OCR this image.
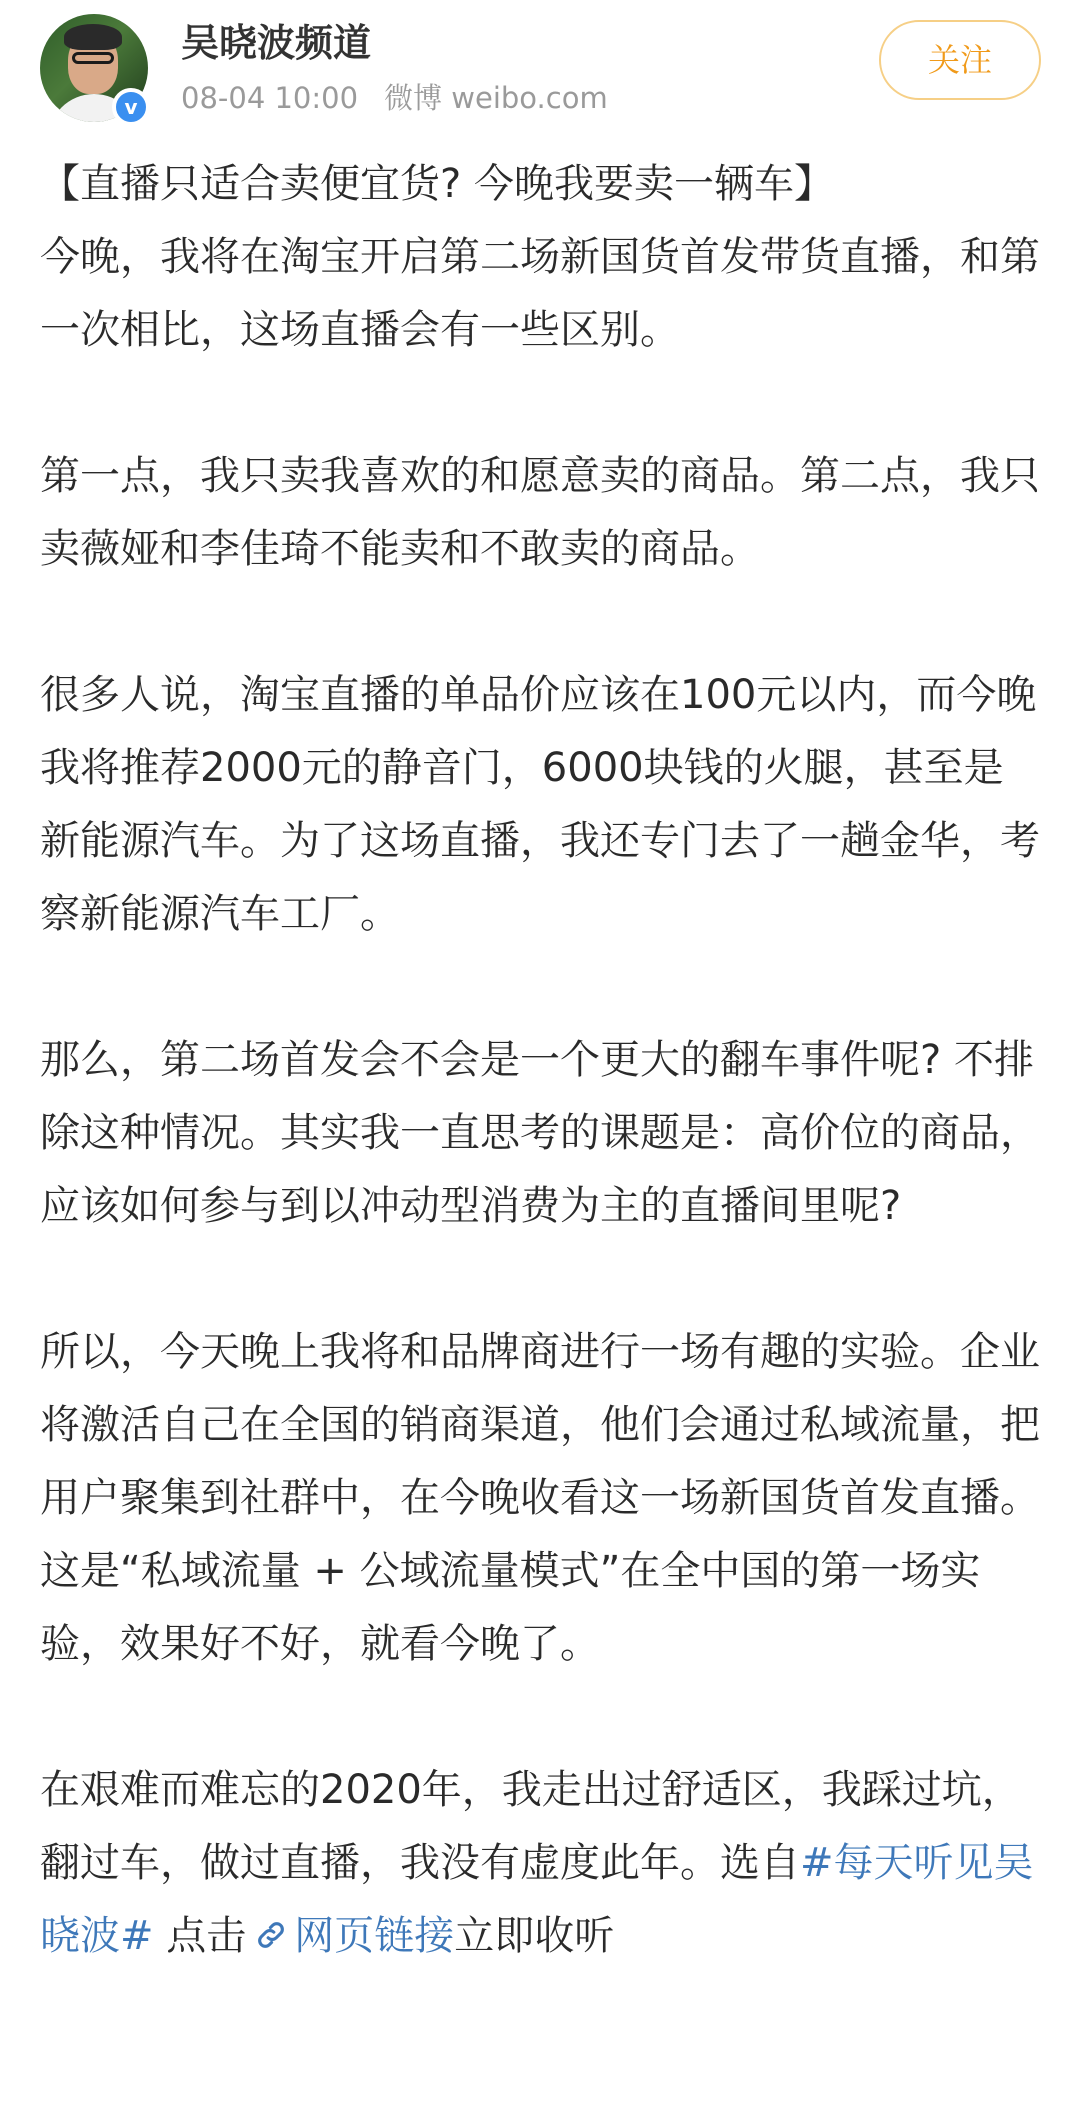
v
吴晓波频道
08-04 10:00 微博 weibo.com
关注
【直播只适合卖便宜货? 今晚我要卖一辆车】
今晚，我将在淘宝开启第二场新国货首发带货直播，和第一次相比，这场直播会有一些区别。
第一点，我只卖我喜欢的和愿意卖的商品。第二点，我只卖薇娅和李佳琦不能卖和不敢卖的商品。
很多人说，淘宝直播的单品价应该在100元以内，而今晚我将推荐2000元的静音门，6000块钱的火腿，甚至是新能源汽车。为了这场直播，我还专门去了一趟金华，考察新能源汽车工厂。
那么，第二场首发会不会是一个更大的翻车事件呢? 不排除这种情况。其实我一直思考的课题是：高价位的商品，应该如何参与到以冲动型消费为主的直播间里呢?
所以，今天晚上我将和品牌商进行一场有趣的实验。企业将激活自己在全国的销商渠道，他们会通过私域流量，把用户聚集到社群中，在今晚收看这一场新国货首发直播。这是“私域流量 + 公域流量模式”在全中国的第一场实验，效果好不好，就看今晚了。
在艰难而难忘的2020年，我走出过舒适区，我踩过坑，翻过车，做过直播，我没有虚度此年。选自#每天听见吴晓波# 点击 网页链接立即收听
